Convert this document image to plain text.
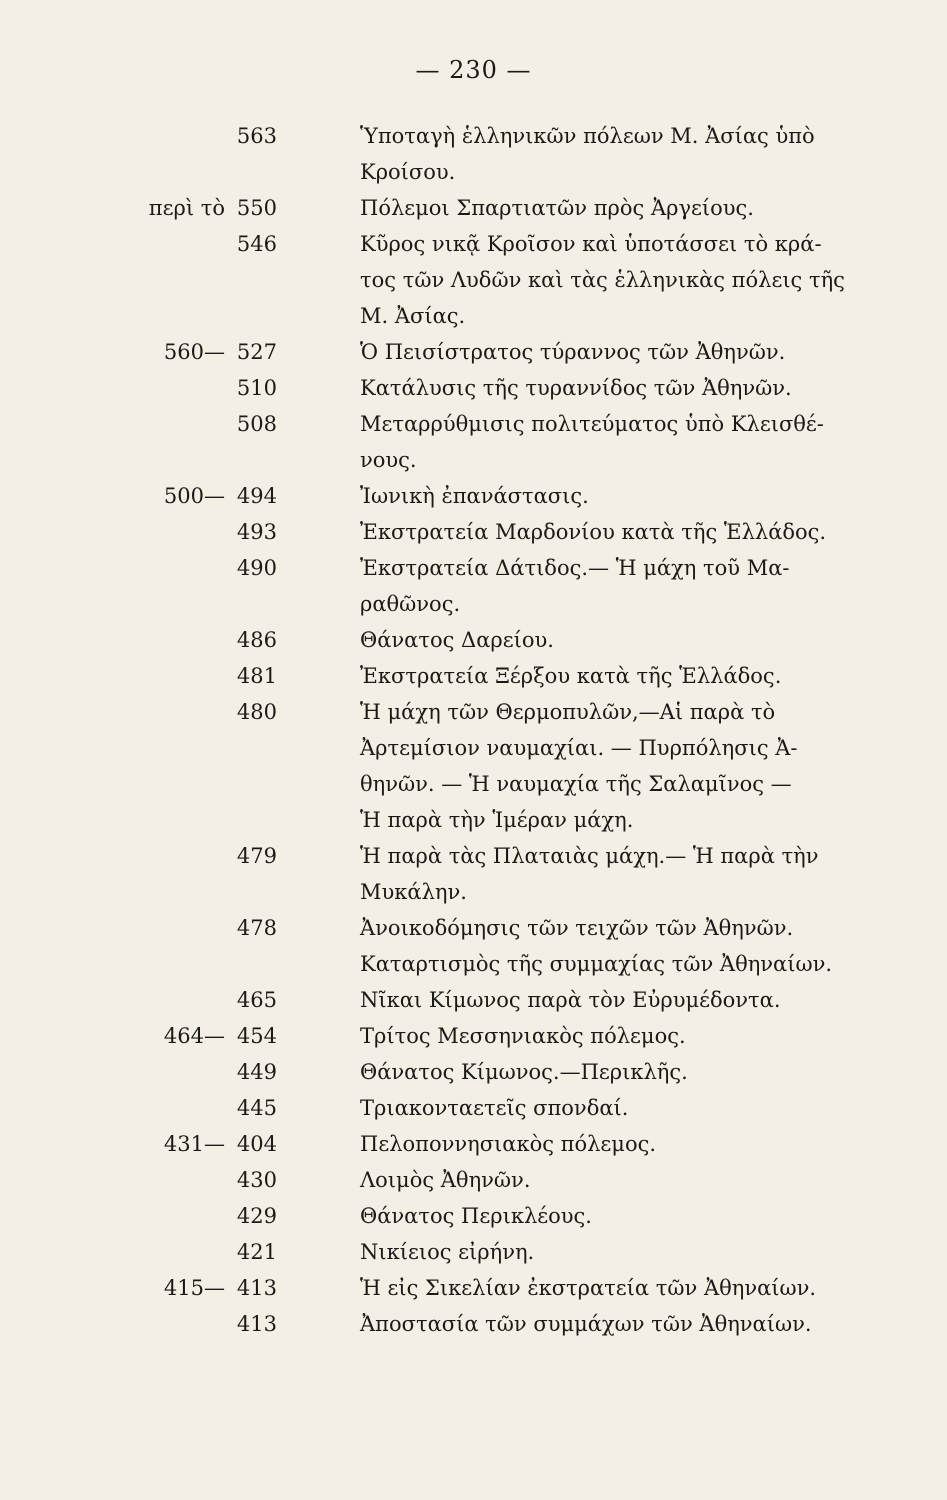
— 230 —
563	Ὑποταγὴ ἑλληνικῶν πόλεων Μ. Ἀσίας ὑπὸ
Κροίσου.
περὶ τὸ 550	Πόλεμοι Σπαρτιατῶν πρὸς Ἀργείους.
546	Κῦρος νικᾷ Κροῖσον καὶ ὑποτάσσει τὸ κρά-
τος τῶν Λυδῶν καὶ τὰς ἑλληνικὰς πόλεις τῆς
Μ. Ἀσίας.
560— 527	Ὁ Πεισίστρατος τύραννος τῶν Ἀθηνῶν.
510	Κατάλυσις τῆς τυραννίδος τῶν Ἀθηνῶν.
508	Μεταρρύθμισις πολιτεύματος ὑπὸ Κλεισθέ-
νους.
500— 494	Ἰωνικὴ ἐπανάστασις.
493	Ἐκστρατεία Μαρδονίου κατὰ τῆς Ἑλλάδος.
490	Ἐκστρατεία Δάτιδος.— Ἡ μάχη τοῦ Μα-
ραθῶνος.
486	Θάνατος Δαρείου.
481	Ἐκστρατεία Ξέρξου κατὰ τῆς Ἑλλάδος.
480	Ἡ μάχη τῶν Θερμοπυλῶν,—Αἱ παρὰ τὸ
Ἀρτεμίσιον ναυμαχίαι. — Πυρπόλησις Ἀ-
θηνῶν. — Ἡ ναυμαχία τῆς Σαλαμῖνος —
Ἡ παρὰ τὴν Ἱμέραν μάχη.
479	Ἡ παρὰ τὰς Πλαταιὰς μάχη.— Ἡ παρὰ τὴν
Μυκάλην.
478	Ἀνοικοδόμησις τῶν τειχῶν τῶν Ἀθηνῶν.
Καταρτισμὸς τῆς συμμαχίας τῶν Ἀθηναίων.
465	Νῖκαι Κίμωνος παρὰ τὸν Εὐρυμέδοντα.
464— 454	Τρίτος Μεσσηνιακὸς πόλεμος.
449	Θάνατος Κίμωνος.—Περικλῆς.
445	Τριακονταετεῖς σπονδαί.
431— 404	Πελοποννησιακὸς πόλεμος.
430	Λοιμὸς Ἀθηνῶν.
429	Θάνατος Περικλέους.
421	Νικίειος εἰρήνη.
415— 413	Ἡ εἰς Σικελίαν ἐκστρατεία τῶν Ἀθηναίων.
413	Ἀποστασία τῶν συμμάχων τῶν Ἀθηναίων.
